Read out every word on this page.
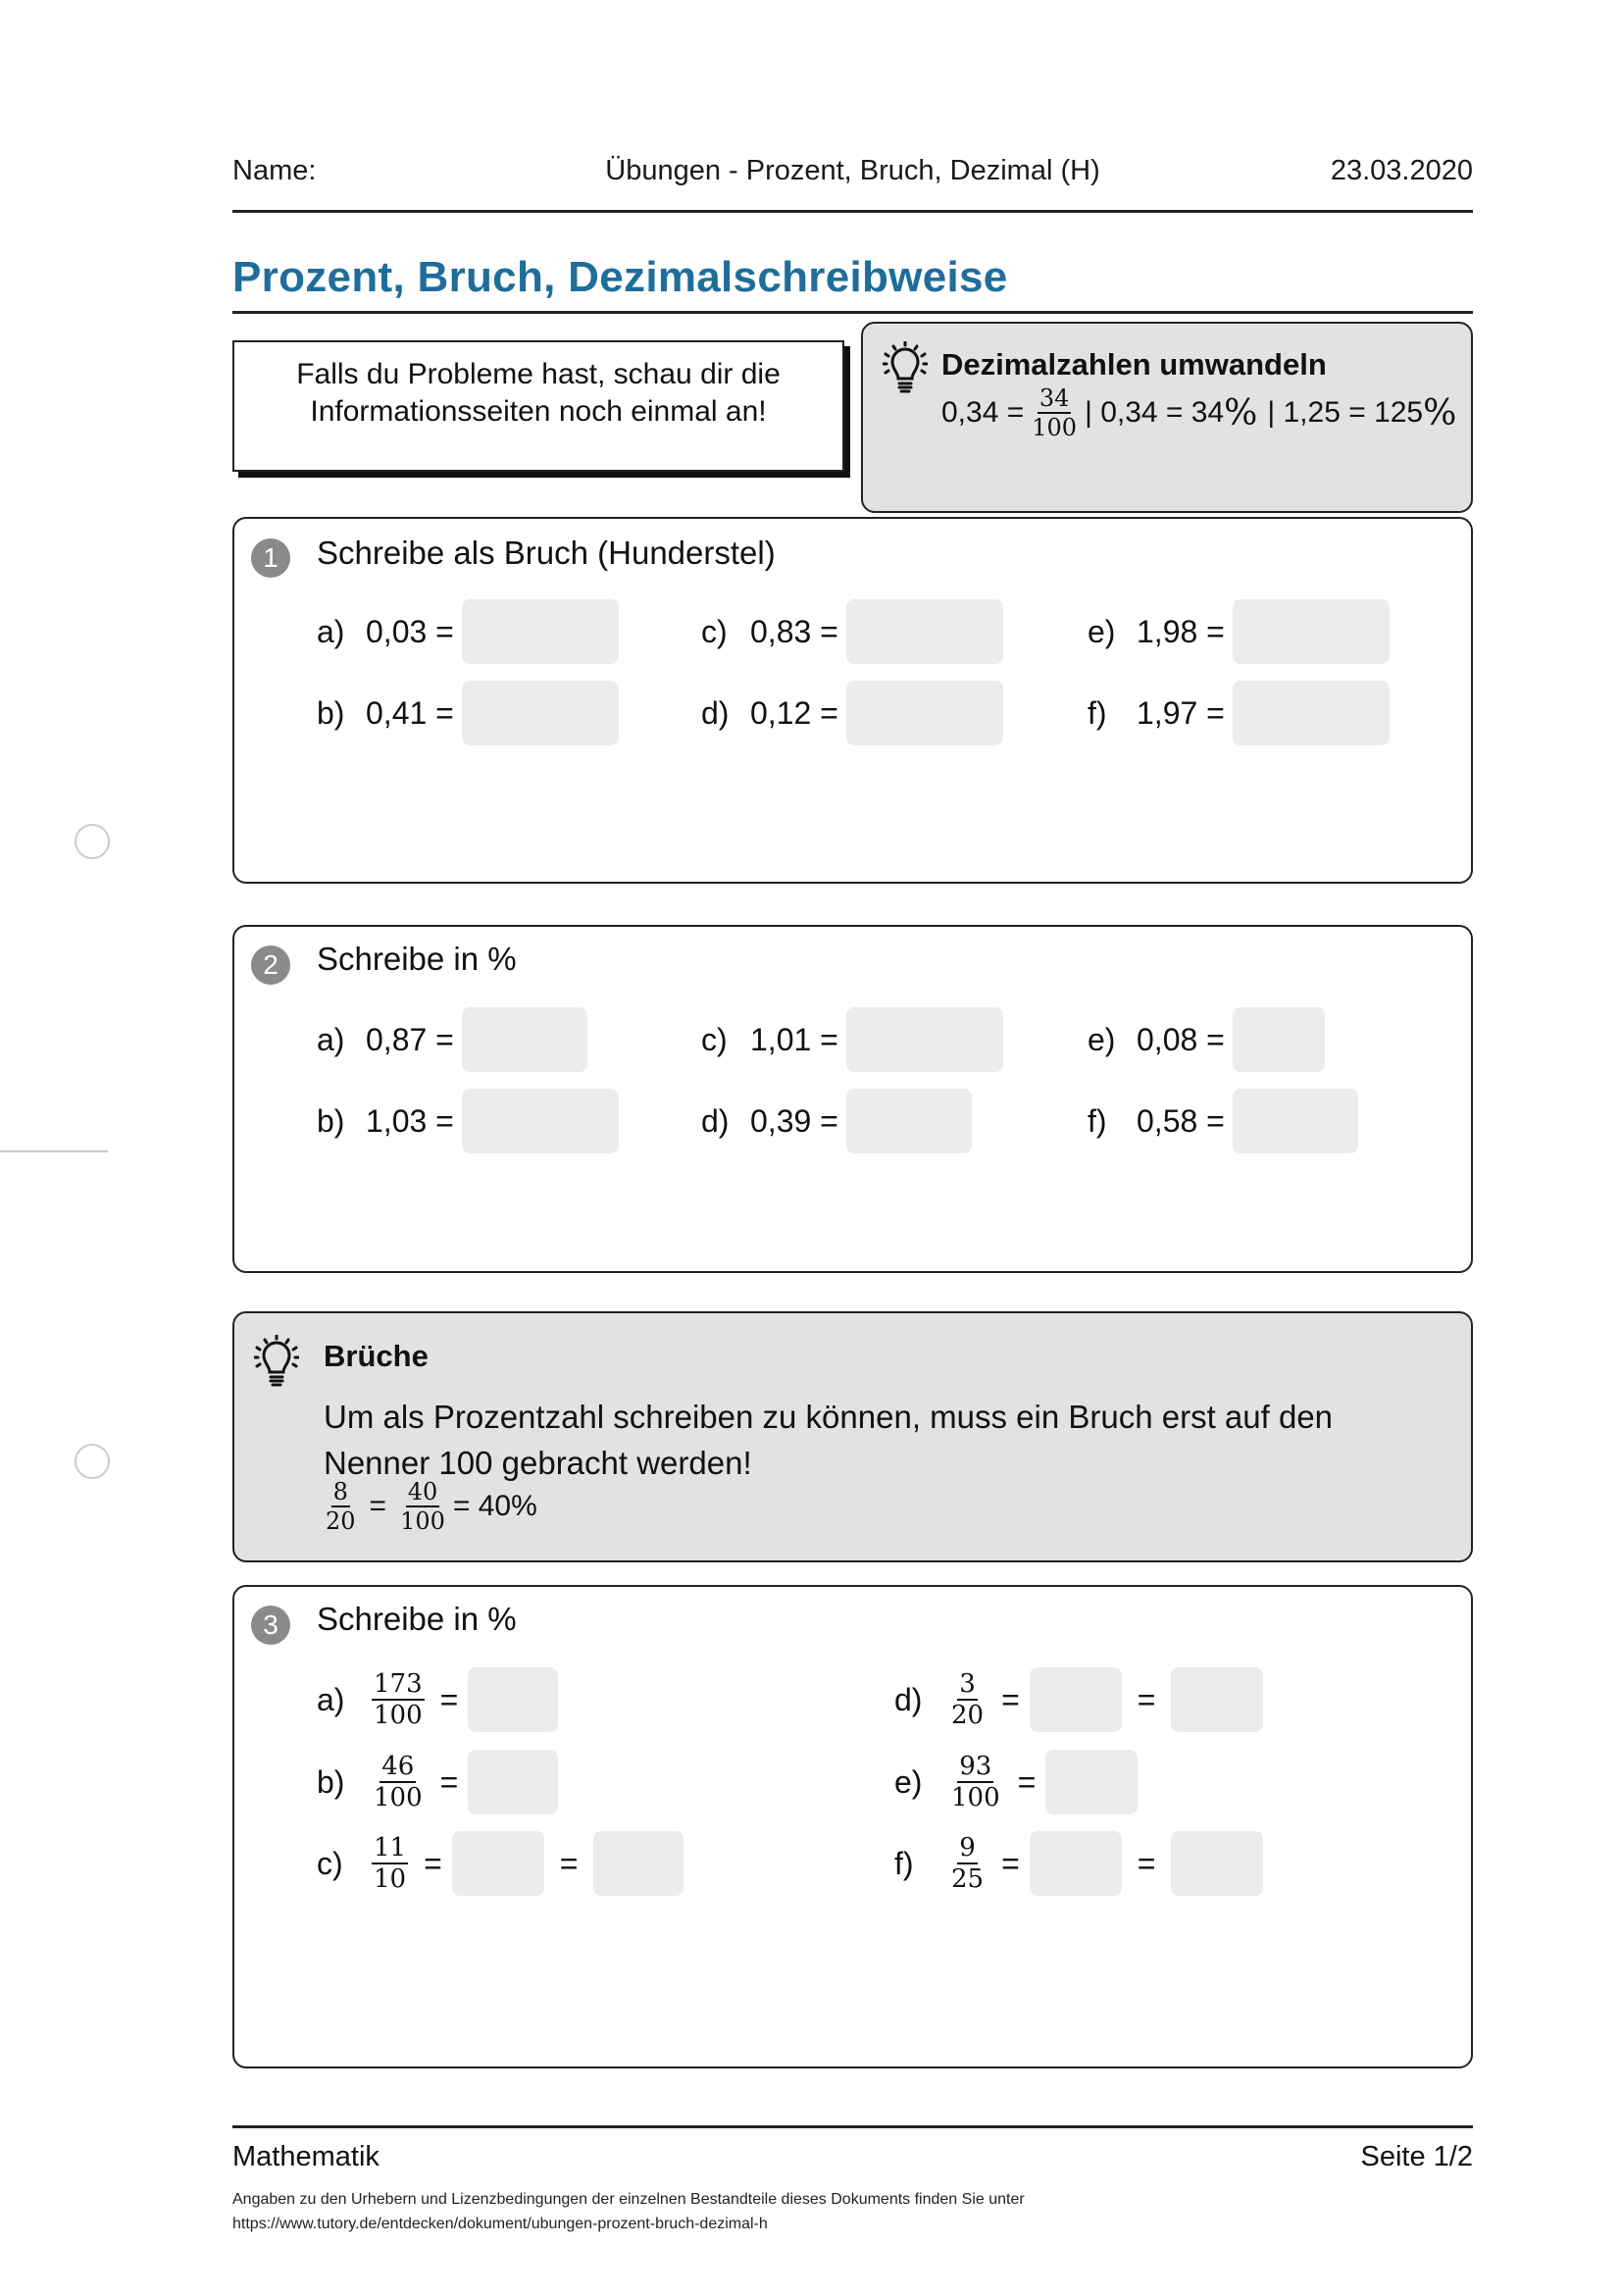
Name:	Übungen - Prozent, Bruch, Dezimal (H)	23.03.2020
Prozent, Bruch, Dezimalschreibweise
Falls du Probleme hast, schau dir die
Informationsseiten noch einmal an!
Dezimalzahlen umwandeln
$0,34 = \frac{34}{100}$ | 0,34 = 34 % | 1,25 = 125 %
1	Schreibe als Bruch (Hunderstel)
a) 0,03 =
b) 0,41 =
c) 0,83 =
d) 0,12 =
e) 1,98 =
f) 1,97 =
2	Schreibe in %
a) 0,87 =
b) 1,03 =
c) 1,01 =
d) 0,39 =
e) 0,08 =
f) 0,58 =
Brüche
Um als Prozentzahl schreiben zu können, muss ein Bruch erst auf den Nenner 100 gebracht werden!
$\frac{8}{20} = \frac{40}{100} = 40\%$
3	Schreibe in %
a)	$\frac{173}{100}$ =
b)	$\frac{46}{100}$ =
c)	$\frac{11}{10}$ =	=
d)	$\frac{3}{20}$ =	=
e)	$\frac{93}{100}$ =
f)	$\frac{9}{25}$ =	=
Mathematik	Seite 1/2
Angaben zu den Urhebern und Lizenzbedingungen der einzelnen Bestandteile dieses Dokuments finden Sie unter
https://www.tutory.de/entdecken/dokument/ubungen-prozent-bruch-dezimal-h
